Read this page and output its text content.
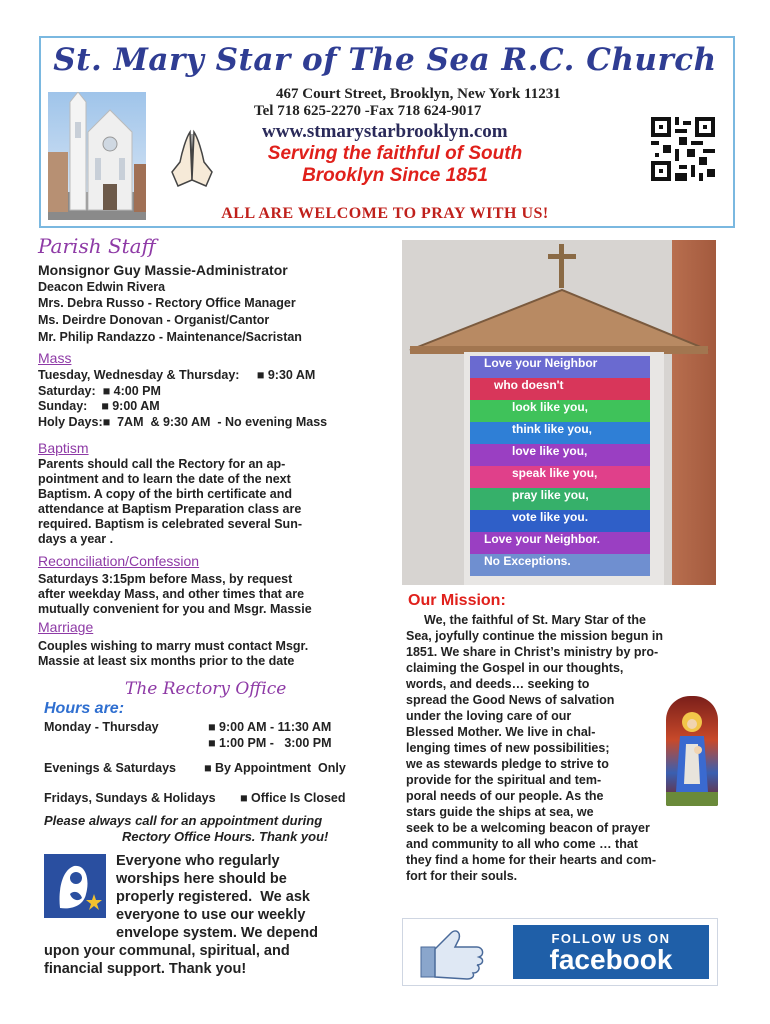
St. Mary Star of The Sea R.C. Church
467 Court Street, Brooklyn, New York 11231
Tel 718 625-2270 -Fax 718 624-9017
www.stmarystarbrooklyn.com
Serving the faithful of South
Brooklyn Since 1851
ALL ARE WELCOME TO PRAY WITH US!
Parish Staff
Monsignor Guy Massie-Administrator
Deacon Edwin Rivera
Mrs. Debra Russo - Rectory Office Manager
Ms. Deirdre Donovan - Organist/Cantor
Mr. Philip Randazzo - Maintenance/Sacristan
Mass
Tuesday, Wednesday & Thursday:     ■ 9:30 AM
Saturday:  ■ 4:00 PM
Sunday:    ■ 9:00 AM
Holy Days:■  7AM  & 9:30 AM  - No evening Mass
Baptism
Parents should call the Rectory for an ap-
pointment and to learn the date of the next
Baptism. A copy of the birth certificate and
attendance at Baptism Preparation class are
required. Baptism is celebrated several Sun-
days a year .
Reconciliation/Confession
Saturdays 3:15pm before Mass, by request
after weekday Mass, and other times that are
mutually convenient for you and Msgr. Massie
Marriage
Couples wishing to marry must contact Msgr.
Massie at least six months prior to the date
The Rectory Office
Hours are:
Monday - Thursday	■ 9:00 AM - 11:30 AM
■ 1:00 PM -   3:00 PM
Evenings & Saturdays ■ By Appointment  Only
Fridays, Sundays & Holidays ■ Office Is Closed
Please always call for an appointment during
Rectory Office Hours. Thank you!
Everyone who regularly
worships here should be
properly registered.  We ask
everyone to use our weekly
envelope system. We depend
upon your communal, spiritual, and
financial support. Thank you!
Love your Neighbor
who doesn't
look like you,
think like you,
love like you,
speak like you,
pray like you,
vote like you.
Love your Neighbor.
No Exceptions.
Our Mission:
We, the faithful of St. Mary Star of the
Sea, joyfully continue the mission begun in
1851. We share in Christ’s ministry by pro-
claiming the Gospel in our thoughts,
words, and deeds… seeking to
spread the Good News of salvation
under the loving care of our
Blessed Mother. We live in chal-
lenging times of new possibilities;
we as stewards pledge to strive to
provide for the spiritual and tem-
poral needs of our people. As the
stars guide the ships at sea, we
seek to be a welcoming beacon of prayer
and community to all who come … that
they find a home for their hearts and com-
fort for their souls.
FOLLOW US ON
facebook
